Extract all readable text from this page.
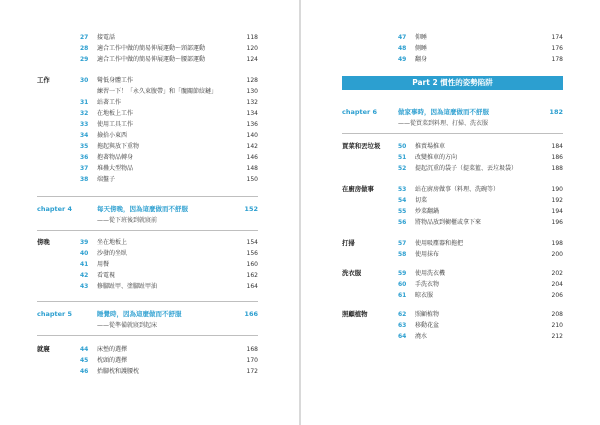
27	接電話	118
28	適合工作中做的簡易伸展運動～頸部運動	120
29	適合工作中做的簡易伸展運動～腰部運動	124
工作	30	彎低身體工作	128
練習一下！「永久束腹帶」和「髖關節絞鏈」	130
31	站著工作	132
32	在地板上工作	134
33	使用工具工作	136
34	撿拾小東西	140
35	拖起與放下重物	142
36	抱著物品轉身	146
37	堆疊大型物品	148
38	端盤子	150
chapter 4	每天傍晚，因為這麼做而不舒服	152
——從下班後到就寢前
傍晚	39	坐在地板上	154
40	沙發的坐臥	156
41	用餐	160
42	看電視	162
43	修腳趾甲、塗腳趾甲油	164
chapter 5	睡覺時，因為這麼做而不舒服	166
——從準備就寢到起床
就寢	44	床墊的選擇	168
45	枕頭的選擇	170
46	抬腳枕和護腰枕	172
47	仰睡	174
48	側睡	176
49	翻身	178
Part 2 慣性的姿勢陷阱
chapter 6	做家事時，因為這麼做而不舒服	182
——從買菜到料理、打掃、洗衣服
買菜和丟垃圾	50	推賣場推車	184
51	改變推車的方向	186
52	提起沉重的袋子（提菜籃、丟垃圾袋）	188
在廚房做事	53	站在廚房做事（料理、洗碗等）	190
54	切菜	192
55	炒菜翻鍋	194
56	將物品放到櫥櫃或拿下來	196
打掃	57	使用吸塵器和拖把	198
58	使用抹布	200
洗衣服	59	使用洗衣機	202
60	手洗衣物	204
61	晾衣服	206
照顧植物	62	照顧植物	208
63	移動花盆	210
64	澆水	212
